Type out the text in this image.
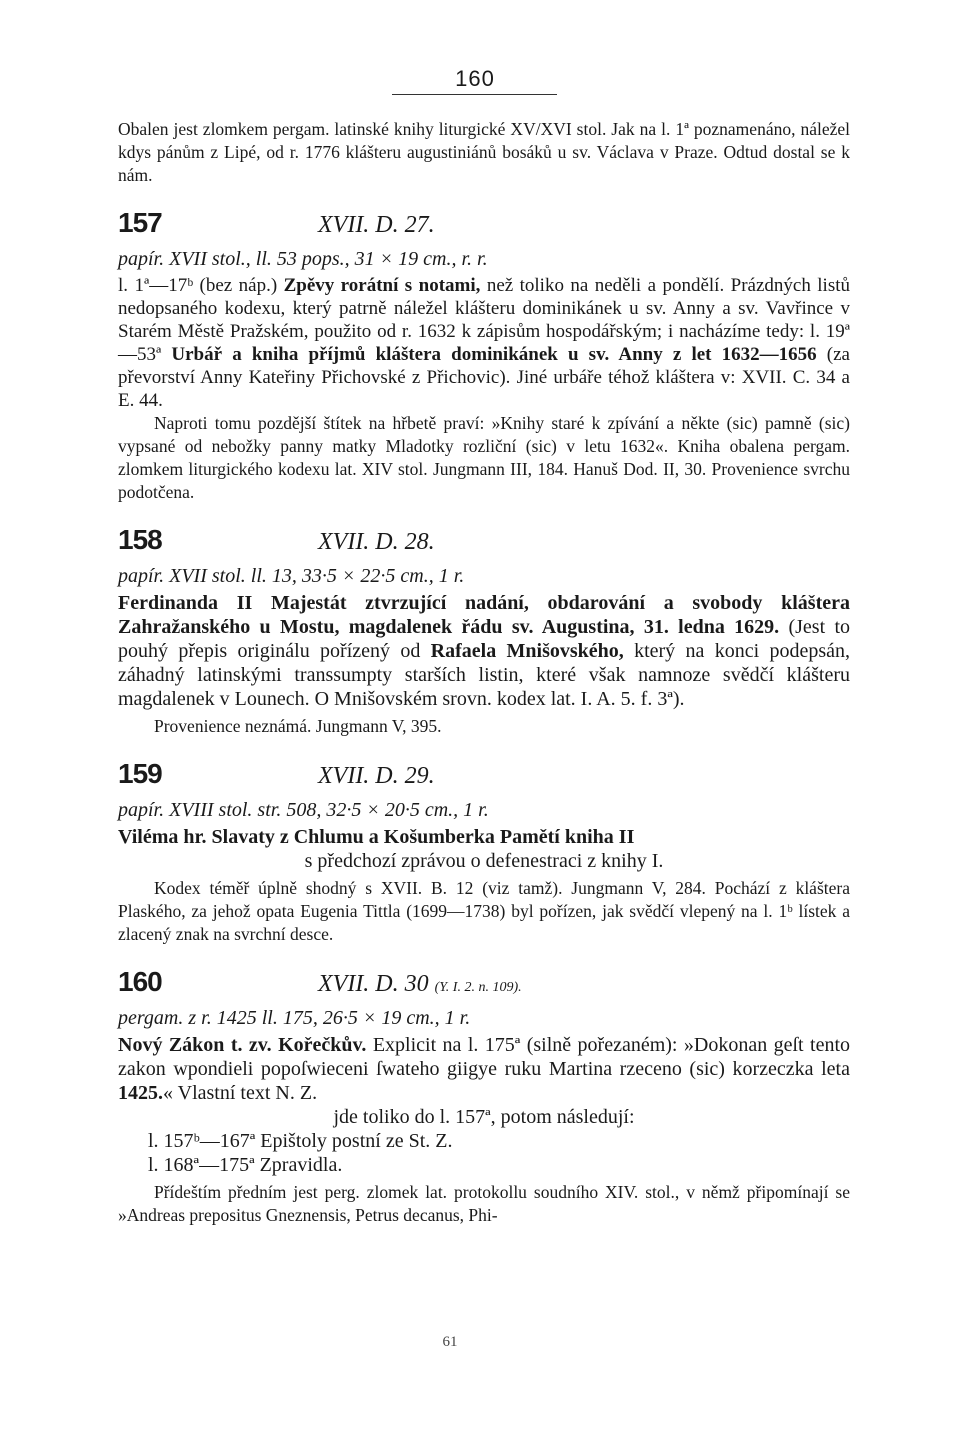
160

Obalen jest zlomkem pergam. latinské knihy liturgické XV/XVI stol. Jak na l. 1ª poznamenáno, náležel kdys pánům z Lipé, od r. 1776 klášteru augustiniánů bosáků u sv. Václava v Praze. Odtud dostal se k nám.

157	XVII. D. 27.

papír. XVII stol., ll. 53 pops., 31 × 19 cm., r. r.

l. 1ª—17ᵇ (bez náp.) Zpěvy rorátní s notami, než toliko na neděli a pondělí. Prázdných listů nedopsaného kodexu, který patrně náležel klášteru dominikánek u sv. Anny a sv. Vavřince v Starém Městě Pražském, použito od r. 1632 k zápisům hospodářským; i nacházíme tedy: l. 19ª—53ª Urbář a kniha příjmů kláštera dominikánek u sv. Anny z let 1632—1656 (za převorství Anny Kateřiny Přichovské z Přichovic). Jiné urbáře téhož kláštera v: XVII. C. 34 a E. 44.

Naproti tomu pozdější štítek na hřbetě praví: »Knihy staré k zpívání a někte (sic) pamně (sic) vypsané od nebožky panny matky Mladotky rozliční (sic) v letu 1632«. Kniha obalena pergam. zlomkem liturgického kodexu lat. XIV stol. Jungmann III, 184. Hanuš Dod. II, 30. Provenience svrchu podotčena.

158	XVII. D. 28.

papír. XVII stol. ll. 13, 33·5 × 22·5 cm., 1 r.

Ferdinanda II Majestát ztvrzující nadání, obdarování a svobody kláštera Zahražanského u Mostu, magdalenek řádu sv. Augustina, 31. ledna 1629. (Jest to pouhý přepis originálu pořízený od Rafaela Mnišovského, který na konci podepsán, záhadný latinskými transsumpty starších listin, které však namnoze svědčí klášteru magdalenek v Lounech. O Mnišovském srovn. kodex lat. I. A. 5. f. 3ª).

Provenience neznámá. Jungmann V, 395.

159	XVII. D. 29.

papír. XVIII stol. str. 508, 32·5 × 20·5 cm., 1 r.

Viléma hr. Slavaty z Chlumu a Košumberka Pamětí kniha II

s předchozí zprávou o defenestraci z knihy I.

Kodex téměř úplně shodný s XVII. B. 12 (viz tamž). Jungmann V, 284. Pochází z kláštera Plaského, za jehož opata Eugenia Tittla (1699—1738) byl pořízen, jak svědčí vlepený na l. 1ᵇ lístek a zlacený znak na svrchní desce.

160	XVII. D. 30 (Y. I. 2. n. 109).

pergam. z r. 1425 ll. 175, 26·5 × 19 cm., 1 r.

Nový Zákon t. zv. Kořečkův. Explicit na l. 175ª (silně pořezaném): »Dokonan geſt tento zakon wpondieli popoſwieceni ſwateho giigye ruku Martina rzeceno (sic) korzeczka leta 1425.« Vlastní text N. Z.

jde toliko do l. 157ª, potom následují:

l. 157ᵇ—167ª Epištoly postní ze St. Z.

l. 168ª—175ª Zpravidla.

Přídeštím předním jest perg. zlomek lat. protokollu soudního XIV. stol., v němž připomínají se »Andreas prepositus Gneznensis, Petrus decanus, Phi-

61
